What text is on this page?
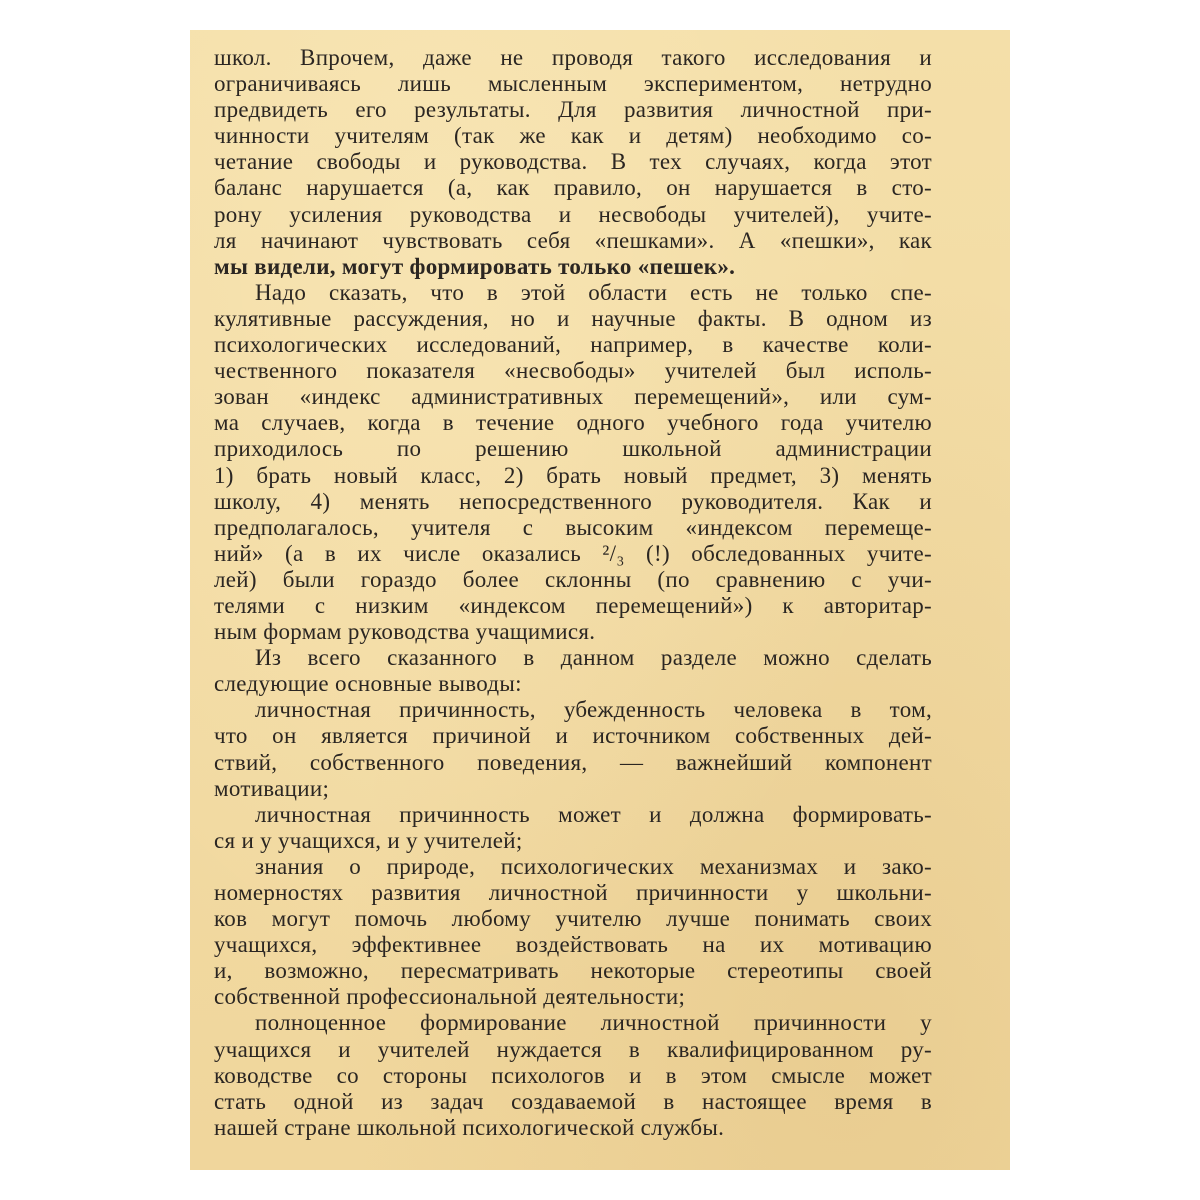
школ. Впрочем, даже не проводя такого исследования и
ограничиваясь лишь мысленным экспериментом, нетрудно
предвидеть его результаты. Для развития личностной при-
чинности учителям (так же как и детям) необходимо со-
четание свободы и руководства. В тех случаях, когда этот
баланс нарушается (а, как правило, он нарушается в сто-
рону усиления руководства и несвободы учителей), учите-
ля начинают чувствовать себя «пешками». А «пешки», как
мы видели, могут формировать только «пешек».
Надо сказать, что в этой области есть не только спе-
кулятивные рассуждения, но и научные факты. В одном из
психологических исследований, например, в качестве коли-
чественного показателя «несвободы» учителей был исполь-
зован «индекс административных перемещений», или сум-
ма случаев, когда в течение одного учебного года учителю
приходилось по решению школьной администрации
1) брать новый класс, 2) брать новый предмет, 3) менять
школу, 4) менять непосредственного руководителя. Как и
предполагалось, учителя с высоким «индексом перемеще-
ний» (а в их числе оказались ²/₃ (!) обследованных учите-
лей) были гораздо более склонны (по сравнению с учи-
телями с низким «индексом перемещений») к авторитар-
ным формам руководства учащимися.
Из всего сказанного в данном разделе можно сделать
следующие основные выводы:
личностная причинность, убежденность человека в том,
что он является причиной и источником собственных дей-
ствий, собственного поведения, — важнейший компонент
мотивации;
личностная причинность может и должна формировать-
ся и у учащихся, и у учителей;
знания о природе, психологических механизмах и зако-
номерностях развития личностной причинности у школьни-
ков могут помочь любому учителю лучше понимать своих
учащихся, эффективнее воздействовать на их мотивацию
и, возможно, пересматривать некоторые стереотипы своей
собственной профессиональной деятельности;
полноценное формирование личностной причинности у
учащихся и учителей нуждается в квалифицированном ру-
ководстве со стороны психологов и в этом смысле может
стать одной из задач создаваемой в настоящее время в
нашей стране школьной психологической службы.
